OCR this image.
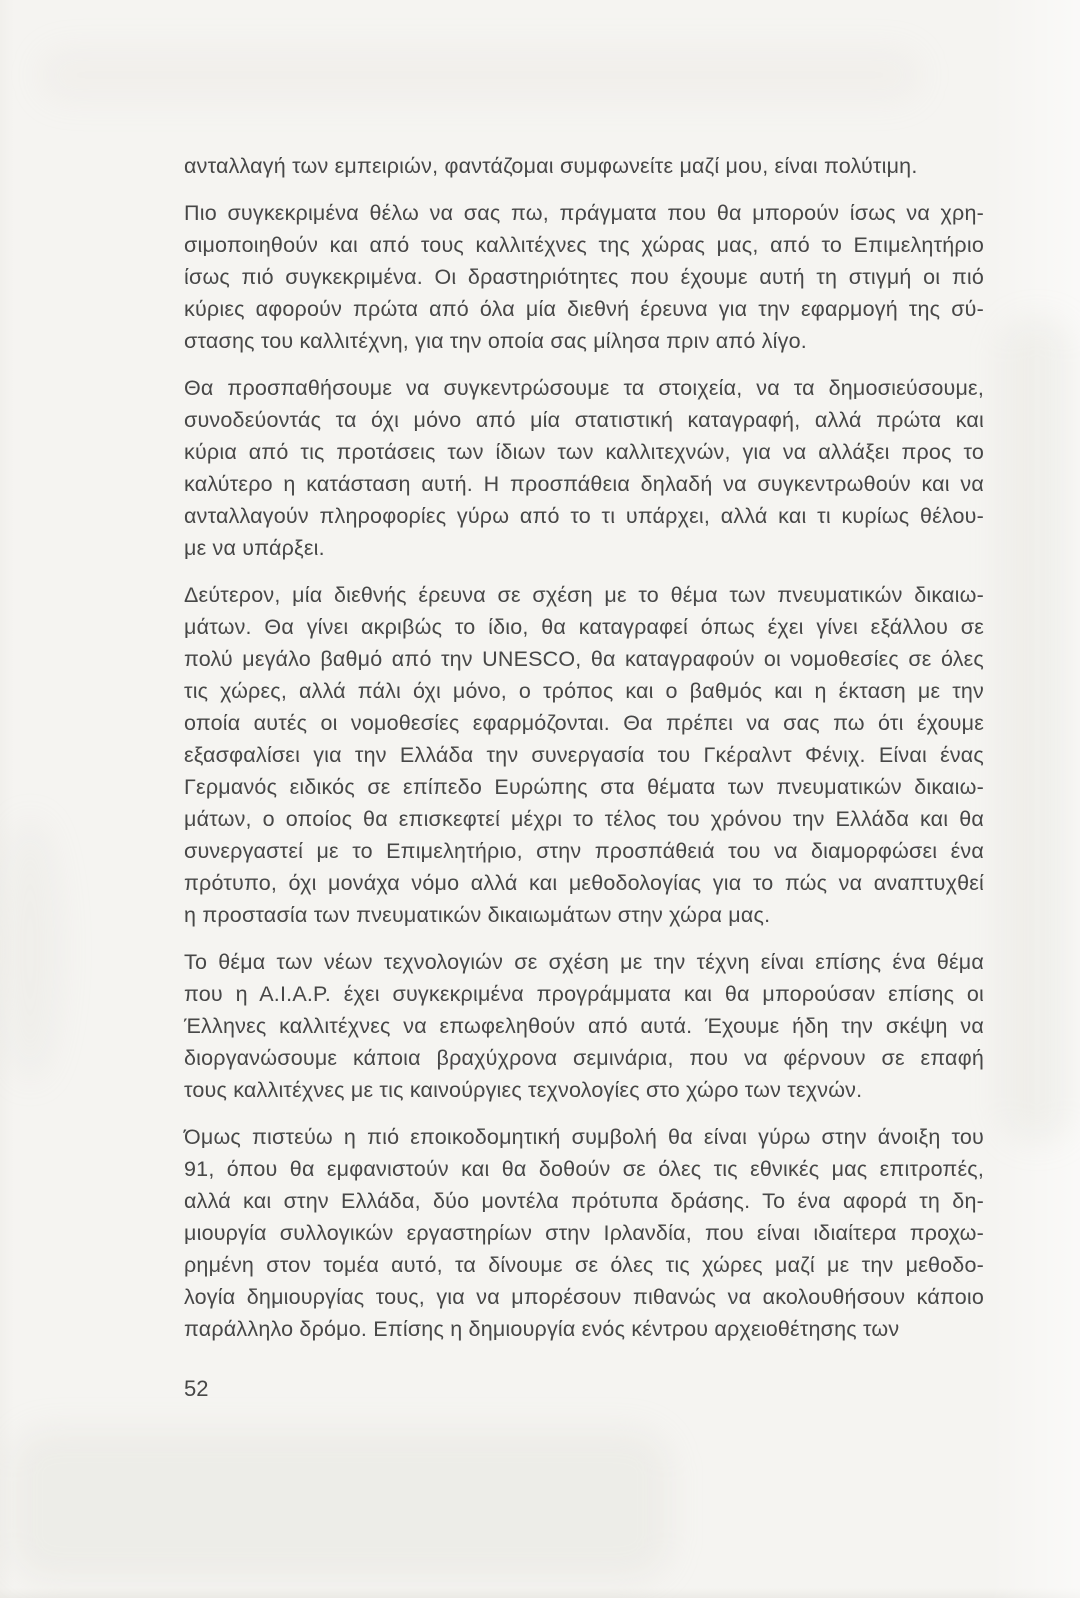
ανταλλαγή των εμπειριών, φαντάζομαι συμφωνείτε μαζί μου, είναι πολύτιμη.
Πιο συγκεκριμένα θέλω να σας πω, πράγματα που θα μπορούν ίσως να χρη-
σιμοποιηθούν και από τους καλλιτέχνες της χώρας μας, από το Επιμελητήριο
ίσως πιό συγκεκριμένα. Οι δραστηριότητες που έχουμε αυτή τη στιγμή οι πιό
κύριες αφορούν πρώτα από όλα μία διεθνή έρευνα για την εφαρμογή της σύ-
στασης του καλλιτέχνη, για την οποία σας μίλησα πριν από λίγο.
Θα προσπαθήσουμε να συγκεντρώσουμε τα στοιχεία, να τα δημοσιεύσουμε,
συνοδεύοντάς τα όχι μόνο από μία στατιστική καταγραφή, αλλά πρώτα και
κύρια από τις προτάσεις των ίδιων των καλλιτεχνών, για να αλλάξει προς το
καλύτερο η κατάσταση αυτή. Η προσπάθεια δηλαδή να συγκεντρωθούν και να
ανταλλαγούν πληροφορίες γύρω από το τι υπάρχει, αλλά και τι κυρίως θέλου-
με να υπάρξει.
Δεύτερον, μία διεθνής έρευνα σε σχέση με το θέμα των πνευματικών δικαιω-
μάτων. Θα γίνει ακριβώς το ίδιο, θα καταγραφεί όπως έχει γίνει εξάλλου σε
πολύ μεγάλο βαθμό από την UNESCO, θα καταγραφούν οι νομοθεσίες σε όλες
τις χώρες, αλλά πάλι όχι μόνο, ο τρόπος και ο βαθμός και η έκταση με την
οποία αυτές οι νομοθεσίες εφαρμόζονται. Θα πρέπει να σας πω ότι έχουμε
εξασφαλίσει για την Ελλάδα την συνεργασία του Γκέραλντ Φένιχ. Είναι ένας
Γερμανός ειδικός σε επίπεδο Ευρώπης στα θέματα των πνευματικών δικαιω-
μάτων, ο οποίος θα επισκεφτεί μέχρι το τέλος του χρόνου την Ελλάδα και θα
συνεργαστεί με το Επιμελητήριο, στην προσπάθειά του να διαμορφώσει ένα
πρότυπο, όχι μονάχα νόμο αλλά και μεθοδολογίας για το πώς να αναπτυχθεί
η προστασία των πνευματικών δικαιωμάτων στην χώρα μας.
Το θέμα των νέων τεχνολογιών σε σχέση με την τέχνη είναι επίσης ένα θέμα
που η Α.Ι.Α.Ρ. έχει συγκεκριμένα προγράμματα και θα μπορούσαν επίσης οι
Έλληνες καλλιτέχνες να επωφεληθούν από αυτά. Έχουμε ήδη την σκέψη να
διοργανώσουμε κάποια βραχύχρονα σεμινάρια, που να φέρνουν σε επαφή
τους καλλιτέχνες με τις καινούργιες τεχνολογίες στο χώρο των τεχνών.
Όμως πιστεύω η πιό εποικοδομητική συμβολή θα είναι γύρω στην άνοιξη του
91, όπου θα εμφανιστούν και θα δοθούν σε όλες τις εθνικές μας επιτροπές,
αλλά και στην Ελλάδα, δύο μοντέλα πρότυπα δράσης. Το ένα αφορά τη δη-
μιουργία συλλογικών εργαστηρίων στην Ιρλανδία, που είναι ιδιαίτερα προχω-
ρημένη στον τομέα αυτό, τα δίνουμε σε όλες τις χώρες μαζί με την μεθοδο-
λογία δημιουργίας τους, για να μπορέσουν πιθανώς να ακολουθήσουν κάποιο
παράλληλο δρόμο. Επίσης η δημιουργία ενός κέντρου αρχειοθέτησης των
52
